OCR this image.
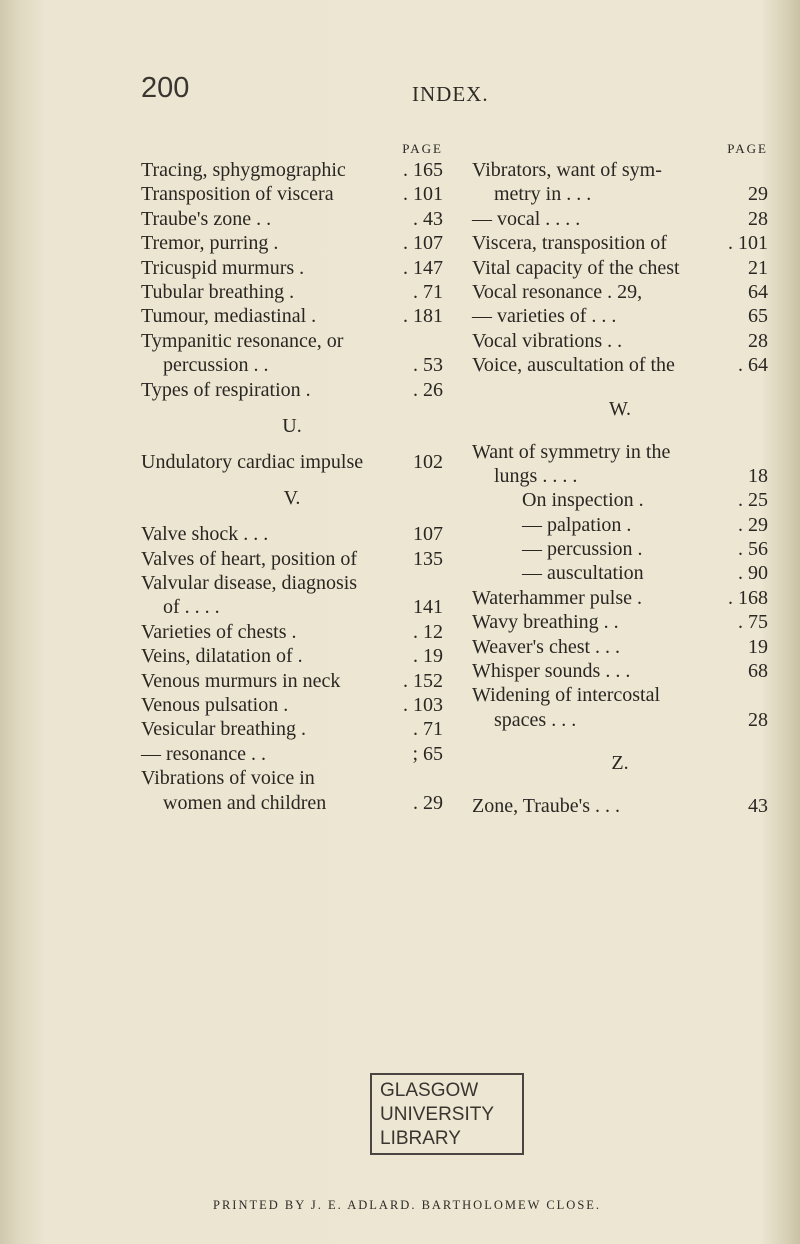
200	INDEX.
PAGE
Tracing, sphygmographic	. 165
Transposition of viscera	. 101
Traube's zone . .	. 43
Tremor, purring .	. 107
Tricuspid murmurs .	. 147
Tubular breathing .	. 71
Tumour, mediastinal .	. 181
Tympanitic resonance, or
percussion . .	. 53
Types of respiration .	. 26
U.
Undulatory cardiac impulse 102
V.
Valve shock . . .	107
Valves of heart, position of	135
Valvular disease, diagnosis
of . . . .	141
Varieties of chests .	. 12
Veins, dilatation of .	. 19
Venous murmurs in neck	. 152
Venous pulsation .	. 103
Vesicular breathing .	. 71
— resonance . .	; 65
Vibrations of voice in
women and children	. 29
PAGE
Vibrators, want of sym-
metry in . . .	29
— vocal . . . .	28
Viscera, transposition of	. 101
Vital capacity of the chest	21
Vocal resonance . 29,	64
— varieties of . . .	65
Vocal vibrations . .	28
Voice, auscultation of the	. 64
W.
Want of symmetry in the
lungs . . . .	18
On inspection .	. 25
— palpation .	. 29
— percussion .	. 56
— auscultation	. 90
Waterhammer pulse .	. 168
Wavy breathing . .	. 75
Weaver's chest . . .	19
Whisper sounds . . .	68
Widening of intercostal
spaces . . .	28
Z.
Zone, Traube's . . .	43
GLASGOW
UNIVERSITY
LIBRARY
PRINTED BY J. E. ADLARD. BARTHOLOMEW CLOSE.
